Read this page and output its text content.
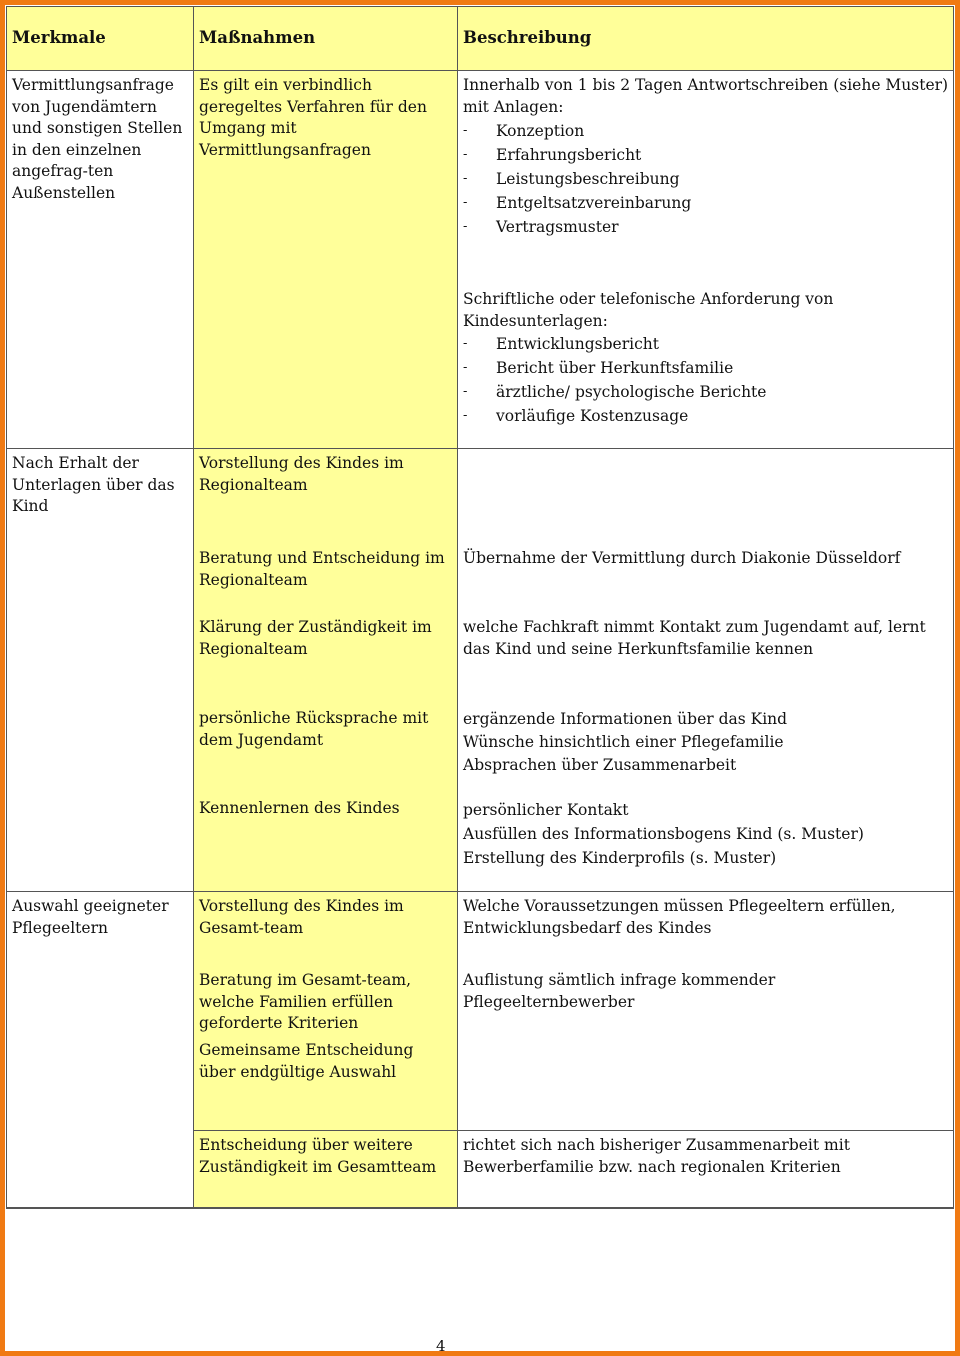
Merkmale	Maßnahmen	Beschreibung
Vermittlungsanfrage von Jugendämtern und sonstigen Stellen in den einzelnen angefrag-ten Außenstellen
Es gilt ein verbindlich geregeltes Verfahren für den Umgang mit Vermittlungsanfragen
Innerhalb von 1 bis 2 Tagen Antwortschreiben (siehe Muster) mit Anlagen:
- Konzeption
- Erfahrungsbericht
- Leistungsbeschreibung
- Entgeltsatzvereinbarung
- Vertragsmuster
Schriftliche oder telefonische Anforderung von Kindesunterlagen:
- Entwicklungsbericht
- Bericht über Herkunftsfamilie
- ärztliche/ psychologische Berichte
- vorläufige Kostenzusage
Nach Erhalt der Unterlagen über das Kind
Vorstellung des Kindes im Regionalteam
Beratung und Entscheidung im Regionalteam
Klärung der Zuständigkeit im Regionalteam
persönliche Rücksprache mit dem Jugendamt
Kennenlernen des Kindes
Übernahme der Vermittlung durch Diakonie Düsseldorf
welche Fachkraft nimmt Kontakt zum Jugendamt auf, lernt das Kind und seine Herkunftsfamilie kennen
ergänzende Informationen über das Kind
Wünsche hinsichtlich einer Pflegefamilie
Absprachen über Zusammenarbeit
persönlicher Kontakt
Ausfüllen des Informationsbogens Kind (s. Muster)
Erstellung des Kinderprofils (s. Muster)
Auswahl geeigneter Pflegeeltern
Vorstellung des Kindes im Gesamt-team
Beratung im Gesamt-team, welche Familien erfüllen geforderte Kriterien
Gemeinsame Entscheidung über endgültige Auswahl
Welche Voraussetzungen müssen Pflegeeltern erfüllen, Entwicklungsbedarf des Kindes
Auflistung sämtlich infrage kommender Pflegeelternbewerber
Entscheidung über weitere Zuständigkeit im Gesamtteam
richtet sich nach bisheriger Zusammenarbeit mit Bewerberfamilie bzw. nach regionalen Kriterien
4
